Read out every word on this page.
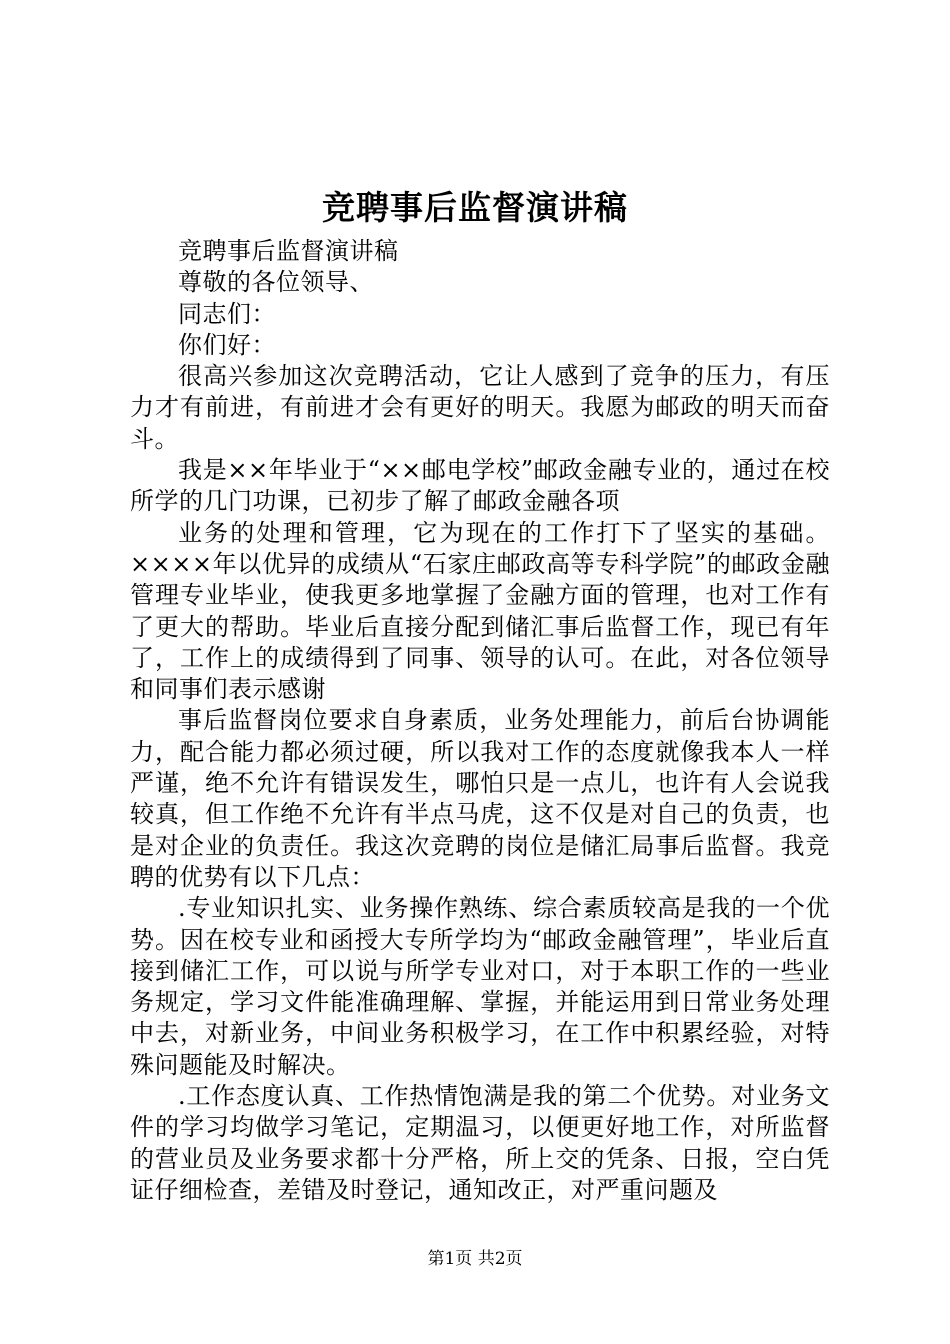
竞聘事后监督演讲稿

竞聘事后监督演讲稿

尊敬的各位领导、

同志们：

你们好：

很高兴参加这次竞聘活动，它让人感到了竞争的压力，有压力才有前进，有前进才会有更好的明天。我愿为邮政的明天而奋斗。

我是××年毕业于“××邮电学校”邮政金融专业的，通过在校所学的几门功课，已初步了解了邮政金融各项

业务的处理和管理，它为现在的工作打下了坚实的基础。××××年以优异的成绩从“石家庄邮政高等专科学院”的邮政金融管理专业毕业，使我更多地掌握了金融方面的管理，也对工作有了更大的帮助。毕业后直接分配到储汇事后监督工作，现已有年了，工作上的成绩得到了同事、领导的认可。在此，对各位领导和同事们表示感谢

事后监督岗位要求自身素质，业务处理能力，前后台协调能力，配合能力都必须过硬，所以我对工作的态度就像我本人一样严谨，绝不允许有错误发生，哪怕只是一点儿，也许有人会说我较真，但工作绝不允许有半点马虎，这不仅是对自己的负责，也是对企业的负责任。我这次竞聘的岗位是储汇局事后监督。我竞聘的优势有以下几点：

.专业知识扎实、业务操作熟练、综合素质较高是我的一个优势。因在校专业和函授大专所学均为“邮政金融管理”，毕业后直接到储汇工作，可以说与所学专业对口，对于本职工作的一些业务规定，学习文件能准确理解、掌握，并能运用到日常业务处理中去，对新业务，中间业务积极学习，在工作中积累经验，对特殊问题能及时解决。

.工作态度认真、工作热情饱满是我的第二个优势。对业务文件的学习均做学习笔记，定期温习，以便更好地工作，对所监督的营业员及业务要求都十分严格，所上交的凭条、日报，空白凭证仔细检查，差错及时登记，通知改正，对严重问题及

第1页 共2页
